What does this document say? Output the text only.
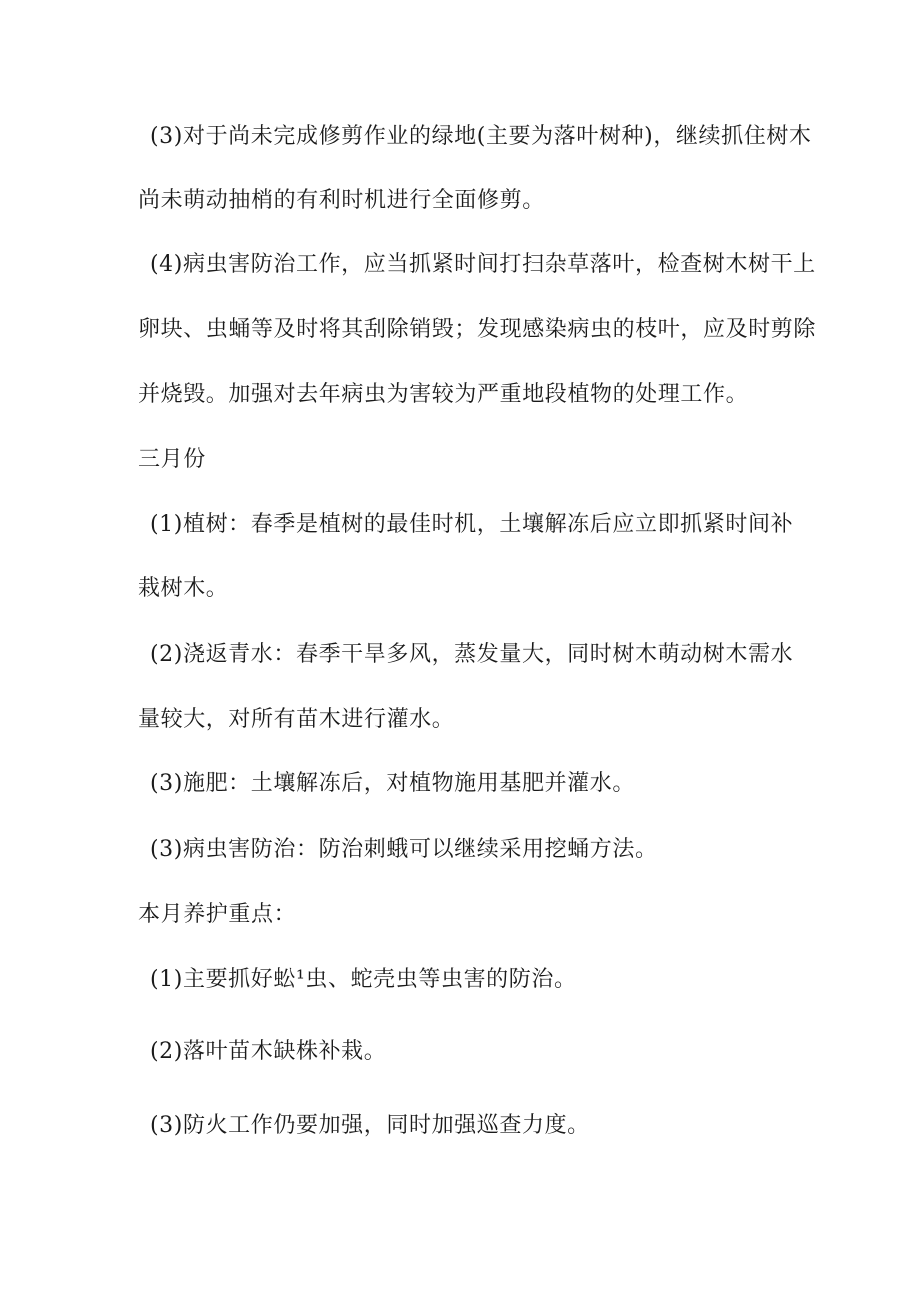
(3)对于尚未完成修剪作业的绿地(主要为落叶树种)，继续抓住树木
尚未萌动抽梢的有利时机进行全面修剪。
(4)病虫害防治工作，应当抓紧时间打扫杂草落叶，检查树木树干上
卵块、虫蛹等及时将其刮除销毁；发现感染病虫的枝叶，应及时剪除
并烧毁。加强对去年病虫为害较为严重地段植物的处理工作。
三月份
(1)植树：春季是植树的最佳时机，土壤解冻后应立即抓紧时间补
栽树木。
(2)浇返青水：春季干旱多风，蒸发量大，同时树木萌动树木需水
量较大，对所有苗木进行灌水。
(3)施肥：土壤解冻后，对植物施用基肥并灌水。
(3)病虫害防治：防治刺蛾可以继续采用挖蛹方法。
本月养护重点：
(1)主要抓好蚣¹虫、蛇壳虫等虫害的防治。
(2)落叶苗木缺株补栽。
(3)防火工作仍要加强，同时加强巡查力度。
